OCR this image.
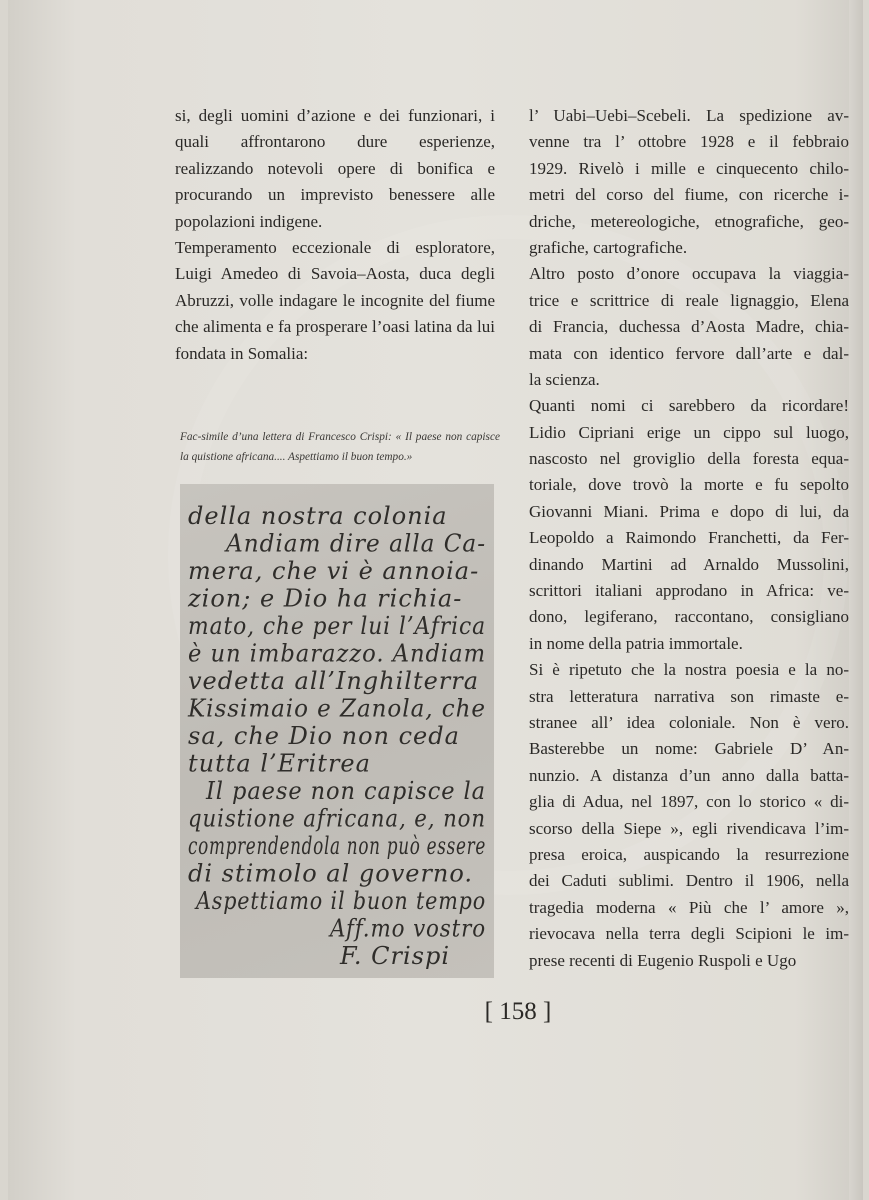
si, degli uomini d’azione e dei funzionari, i quali affrontarono dure esperienze, realizzando notevoli opere di bonifica e procurando un imprevisto benessere alle popolazioni indigene.

Temperamento eccezionale di esploratore, Luigi Amedeo di Savoia–Aosta, duca degli Abruzzi, volle indagare le incognite del fiume che alimenta e fa prosperare l’oasi latina da lui fondata in Somalia:

Fac-simile d’una lettera di Francesco Crispi: « Il paese non capisce la quistione africana.... Aspettiamo il buon tempo.»
della nostra colonia Andiam dire alla Ca-mera, che vi è annoia-zion; e Dio ha richia-mato, che per lui l’Africa è un imbarazzo. Andiam vedetta all’Inghilterra Kissimaio e Zanola, che sa, che Dio non ceda tutta l’Eritrea Il paese non capisce la quistione africana, e, non comprendendola non può essere di stimolo al governo. Aspettiamo il buon tempo Aff.mo vostro F. Crispi
l’ Uabi–Uebi–Scebeli. La spedizione av-
venne tra l’ ottobre 1928 e il febbraio
1929. Rivelò i mille e cinquecento chilo-
metri del corso del fiume, con ricerche i-
driche, metereologiche, etnografiche, geo-
grafiche, cartografiche.
Altro posto d’onore occupava la viaggia-
trice e scrittrice di reale lignaggio, Elena
di Francia, duchessa d’Aosta Madre, chia-
mata con identico fervore dall’arte e dal-
la scienza.
Quanti nomi ci sarebbero da ricordare!
Lidio Cipriani erige un cippo sul luogo,
nascosto nel groviglio della foresta equa-
toriale, dove trovò la morte e fu sepolto
Giovanni Miani. Prima e dopo di lui, da
Leopoldo a Raimondo Franchetti, da Fer-
dinando Martini ad Arnaldo Mussolini,
scrittori italiani approdano in Africa: ve-
dono, legiferano, raccontano, consigliano
in nome della patria immortale.
Si è ripetuto che la nostra poesia e la no-
stra letteratura narrativa son rimaste e-
stranee all’ idea coloniale. Non è vero.
Basterebbe un nome: Gabriele D’ An-
nunzio. A distanza d’un anno dalla batta-
glia di Adua, nel 1897, con lo storico « di-
scorso della Siepe », egli rivendicava l’im-
presa eroica, auspicando la resurrezione
dei Caduti sublimi. Dentro il 1906, nella
tragedia moderna « Più che l’ amore »,
rievocava nella terra degli Scipioni le im-
prese recenti di Eugenio Ruspoli e Ugo
[ 158 ]
